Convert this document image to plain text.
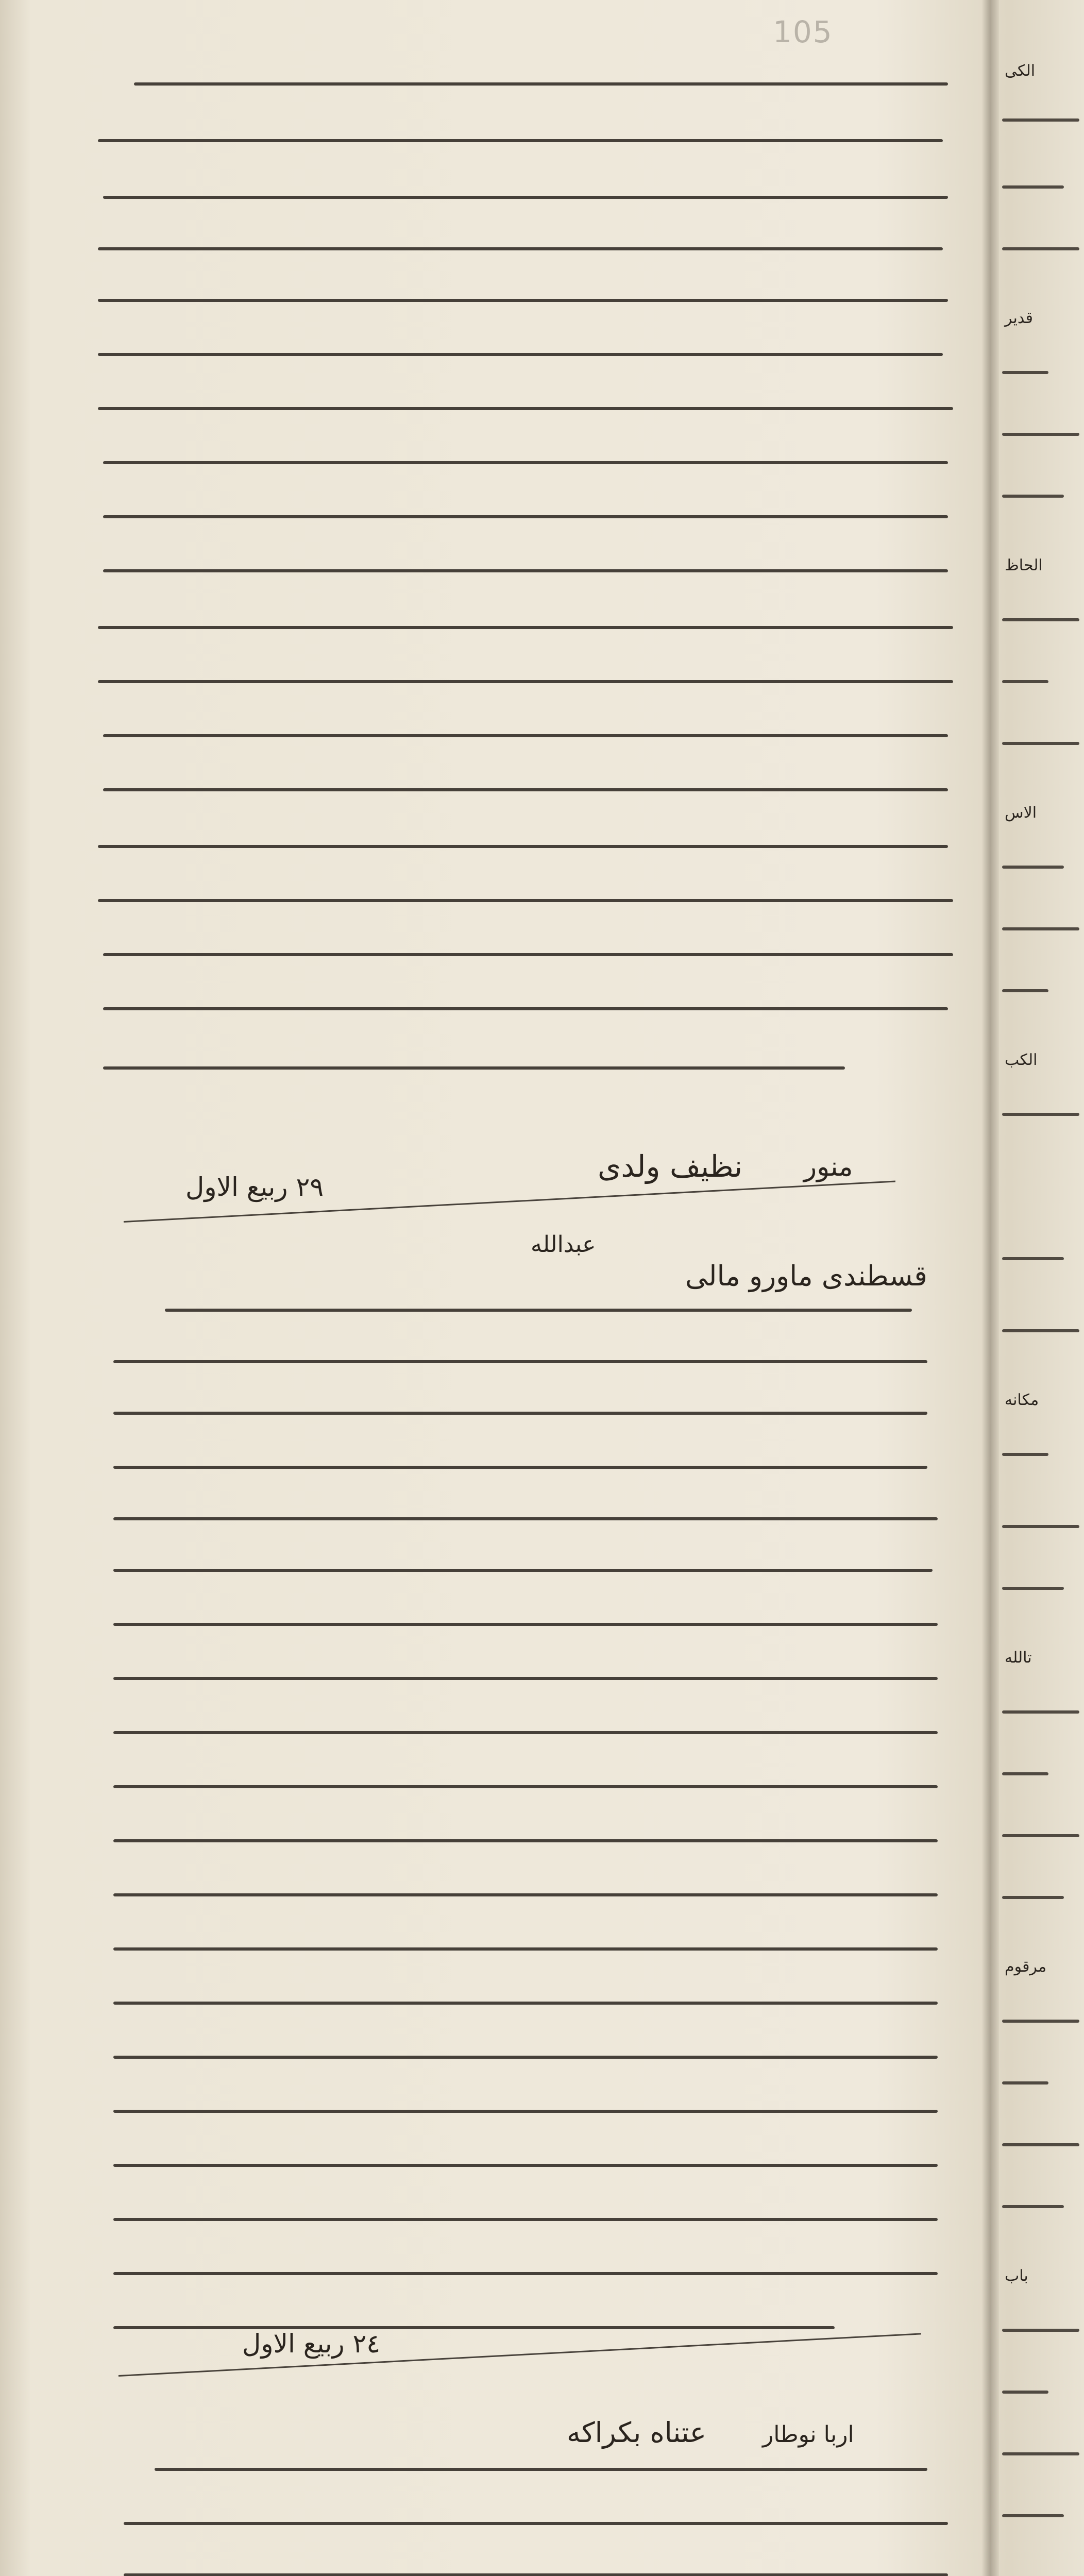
105
نظیف ولدی منور
٢٩ ربیع الاول
قسطندی ماورو مالی
عبدالله
٢٤ ربیع الاول
عتناه بکراکه اربا نوطار
الکی
قدیر
الحاظ
الاس
الکب
مکانه
تالله
مرقوم
باب
